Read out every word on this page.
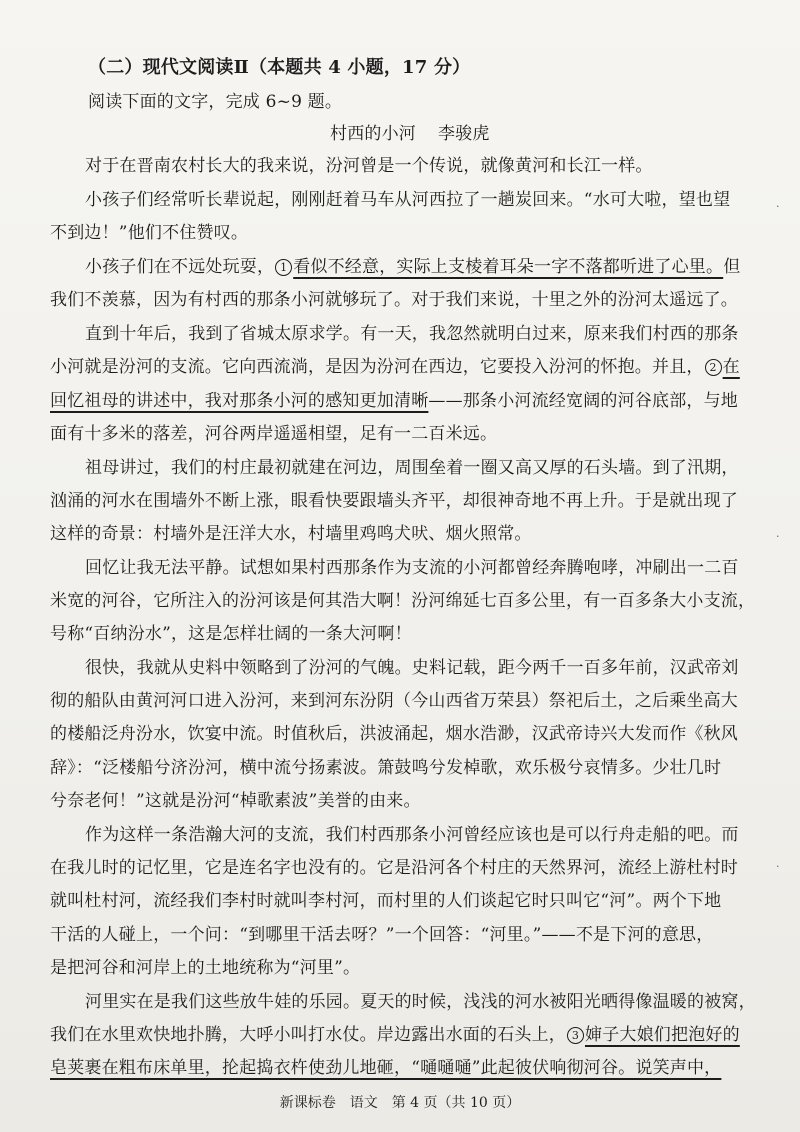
（二）现代文阅读Ⅱ（本题共 4 小题，17 分）
阅读下面的文字，完成 6~9 题。
村西的小河 李骏虎
对于在晋南农村长大的我来说，汾河曾是一个传说，就像黄河和长江一样。
小孩子们经常听长辈说起，刚刚赶着马车从河西拉了一趟炭回来。“水可大啦，望也望
不到边！”他们不住赞叹。
小孩子们在不远处玩耍， 1 看似不经意，实际上支棱着耳朵一字不落都听进了心里。但
我们不羡慕，因为有村西的那条小河就够玩了。对于我们来说，十里之外的汾河太遥远了。
直到十年后，我到了省城太原求学。有一天，我忽然就明白过来，原来我们村西的那条
小河就是汾河的支流。它向西流淌，是因为汾河在西边，它要投入汾河的怀抱。并且， 2 在
回忆祖母的讲述中，我对那条小河的感知更加清晰——那条小河流经宽阔的河谷底部，与地
面有十多米的落差，河谷两岸遥遥相望，足有一二百米远。
祖母讲过，我们的村庄最初就建在河边，周围垒着一圈又高又厚的石头墙。到了汛期，
汹涌的河水在围墙外不断上涨，眼看快要跟墙头齐平，却很神奇地不再上升。于是就出现了
这样的奇景：村墙外是汪洋大水，村墙里鸡鸣犬吠、烟火照常。
回忆让我无法平静。试想如果村西那条作为支流的小河都曾经奔腾咆哮，冲刷出一二百
米宽的河谷，它所注入的汾河该是何其浩大啊！汾河绵延七百多公里，有一百多条大小支流，
号称“百纳汾水”，这是怎样壮阔的一条大河啊！
很快，我就从史料中领略到了汾河的气魄。史料记载，距今两千一百多年前，汉武帝刘
彻的船队由黄河河口进入汾河，来到河东汾阴（今山西省万荣县）祭祀后土，之后乘坐高大
的楼船泛舟汾水，饮宴中流。时值秋后，洪波涌起，烟水浩渺，汉武帝诗兴大发而作《秋风
辞》：“泛楼船兮济汾河，横中流兮扬素波。箫鼓鸣兮发棹歌，欢乐极兮哀情多。少壮几时
兮奈老何！”这就是汾河“棹歌素波”美誉的由来。
作为这样一条浩瀚大河的支流，我们村西那条小河曾经应该也是可以行舟走船的吧。而
在我儿时的记忆里，它是连名字也没有的。它是沿河各个村庄的天然界河，流经上游杜村时
就叫杜村河，流经我们李村时就叫李村河，而村里的人们谈起它时只叫它“河”。两个下地
干活的人碰上，一个问：“到哪里干活去呀？”一个回答：“河里。”——不是下河的意思，
是把河谷和河岸上的土地统称为“河里”。
河里实在是我们这些放牛娃的乐园。夏天的时候，浅浅的河水被阳光晒得像温暖的被窝，
我们在水里欢快地扑腾，大呼小叫打水仗。岸边露出水面的石头上， 3 婶子大娘们把泡好的
皂荚裹在粗布床单里，抡起捣衣杵使劲儿地砸，“嗵嗵嗵”此起彼伏响彻河谷。说笑声中，
新课标卷　语文　第 4 页（共 10 页）
·
·
·
